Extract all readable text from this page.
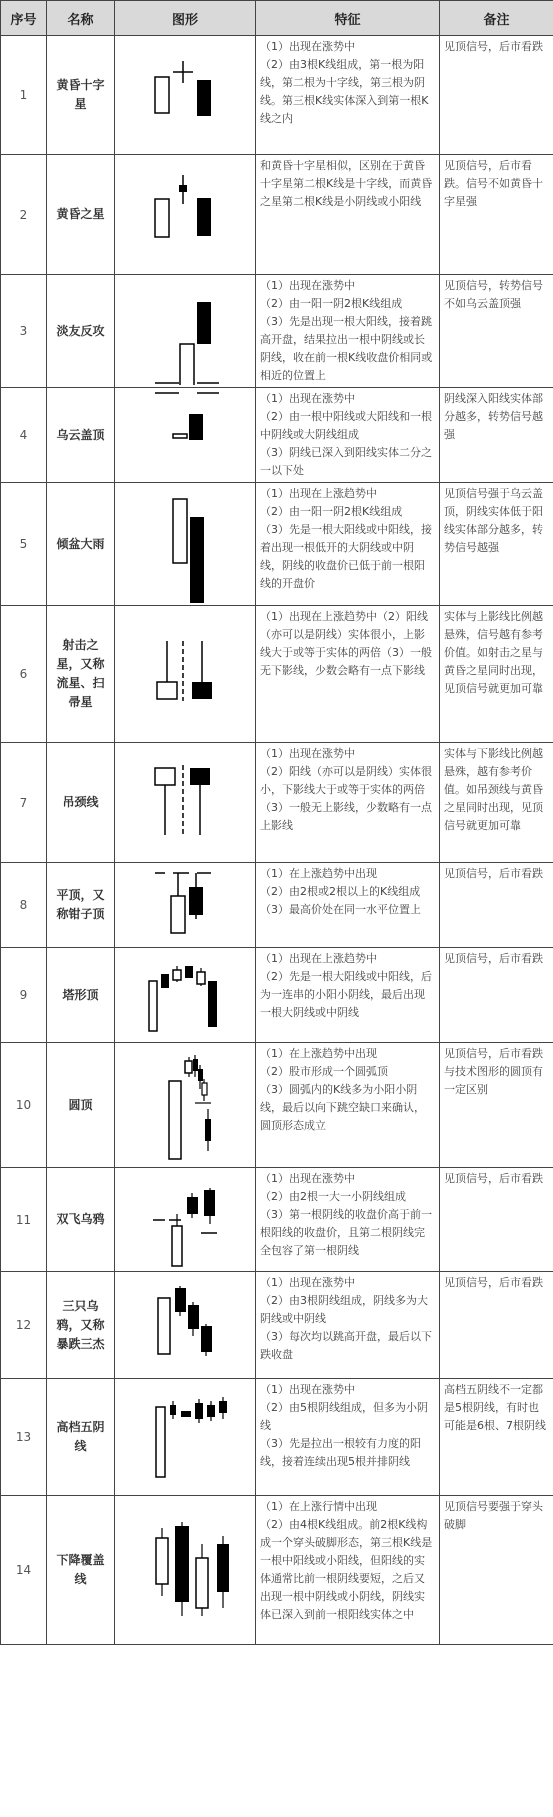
序号	名称	图形	特征	备注
1	黄昏十字星		（1）出现在涨势中
（2）由3根K线组成，第一根为阳线，第二根为十字线，第三根为阴线。第三根K线实体深入到第一根K线之内	见顶信号，后市看跌
2	黄昏之星		和黄昏十字星相似，区别在于黄昏十字星第二根K线是十字线，而黄昏之星第二根K线是小阴线或小阳线	见顶信号，后市看跌。信号不如黄昏十字星强
3	淡友反攻		（1）出现在涨势中
（2）由一阳一阴2根K线组成
（3）先是出现一根大阳线，接着跳高开盘，结果拉出一根中阴线或长阴线，收在前一根K线收盘价相同或相近的位置上	见顶信号，转势信号不如乌云盖顶强
4	乌云盖顶		（1）出现在涨势中
（2）由一根中阳线或大阳线和一根中阴线或大阴线组成
（3）阴线已深入到阳线实体二分之一以下处	阴线深入阳线实体部分越多，转势信号越强
5	倾盆大雨		（1）出现在上涨趋势中
（2）由一阳一阴2根K线组成
（3）先是一根大阳线或中阳线，接着出现一根低开的大阴线或中阴线，阴线的收盘价已低于前一根阳线的开盘价	见顶信号强于乌云盖顶，阴线实体低于阳线实体部分越多，转势信号越强
6	射击之星，又称流星、扫帚星		（1）出现在上涨趋势中（2）阳线（亦可以是阴线）实体很小，上影线大于或等于实体的两倍（3）一般无下影线，少数会略有一点下影线	实体与上影线比例越悬殊，信号越有参考价值。如射击之星与黄昏之星同时出现，见顶信号就更加可靠
7	吊颈线		（1）出现在涨势中
（2）阳线（亦可以是阴线）实体很小，下影线大于或等于实体的两倍
（3）一般无上影线，少数略有一点上影线	实体与下影线比例越悬殊，越有参考价值。如吊颈线与黄昏之星同时出现，见顶信号就更加可靠
8	平顶，又称钳子顶		（1）在上涨趋势中出现
（2）由2根或2根以上的K线组成
（3）最高价处在同一水平位置上	见顶信号，后市看跌
9	塔形顶		（1）出现在上涨趋势中
（2）先是一根大阳线或中阳线，后为一连串的小阳小阴线，最后出现一根大阴线或中阴线	见顶信号，后市看跌
10	圆顶		（1）在上涨趋势中出现
（2）股市形成一个圆弧顶
（3）圆弧内的K线多为小阳小阴线，最后以向下跳空缺口来确认，圆顶形态成立	见顶信号，后市看跌与技术图形的圆顶有一定区别
11	双飞乌鸦		（1）出现在涨势中
（2）由2根一大一小阴线组成
（3）第一根阴线的收盘价高于前一根阳线的收盘价，且第二根阴线完全包容了第一根阴线	见顶信号，后市看跌
12	三只乌鸦，又称暴跌三杰		（1）出现在涨势中
（2）由3根阴线组成，阴线多为大阴线或中阴线
（3）每次均以跳高开盘，最后以下跌收盘	见顶信号，后市看跌
13	高档五阴线		（1）出现在涨势中
（2）由5根阴线组成，但多为小阴线
（3）先是拉出一根较有力度的阳线，接着连续出现5根并排阴线	高档五阴线不一定都是5根阴线，有时也可能是6根、7根阴线
14	下降覆盖线		（1）在上涨行情中出现
（2）由4根K线组成。前2根K线构成一个穿头破脚形态，第三根K线是一根中阳线或小阳线，但阳线的实体通常比前一根阴线要短，之后又出现一根中阴线或小阴线，阴线实体已深入到前一根阳线实体之中	见顶信号要强于穿头破脚
